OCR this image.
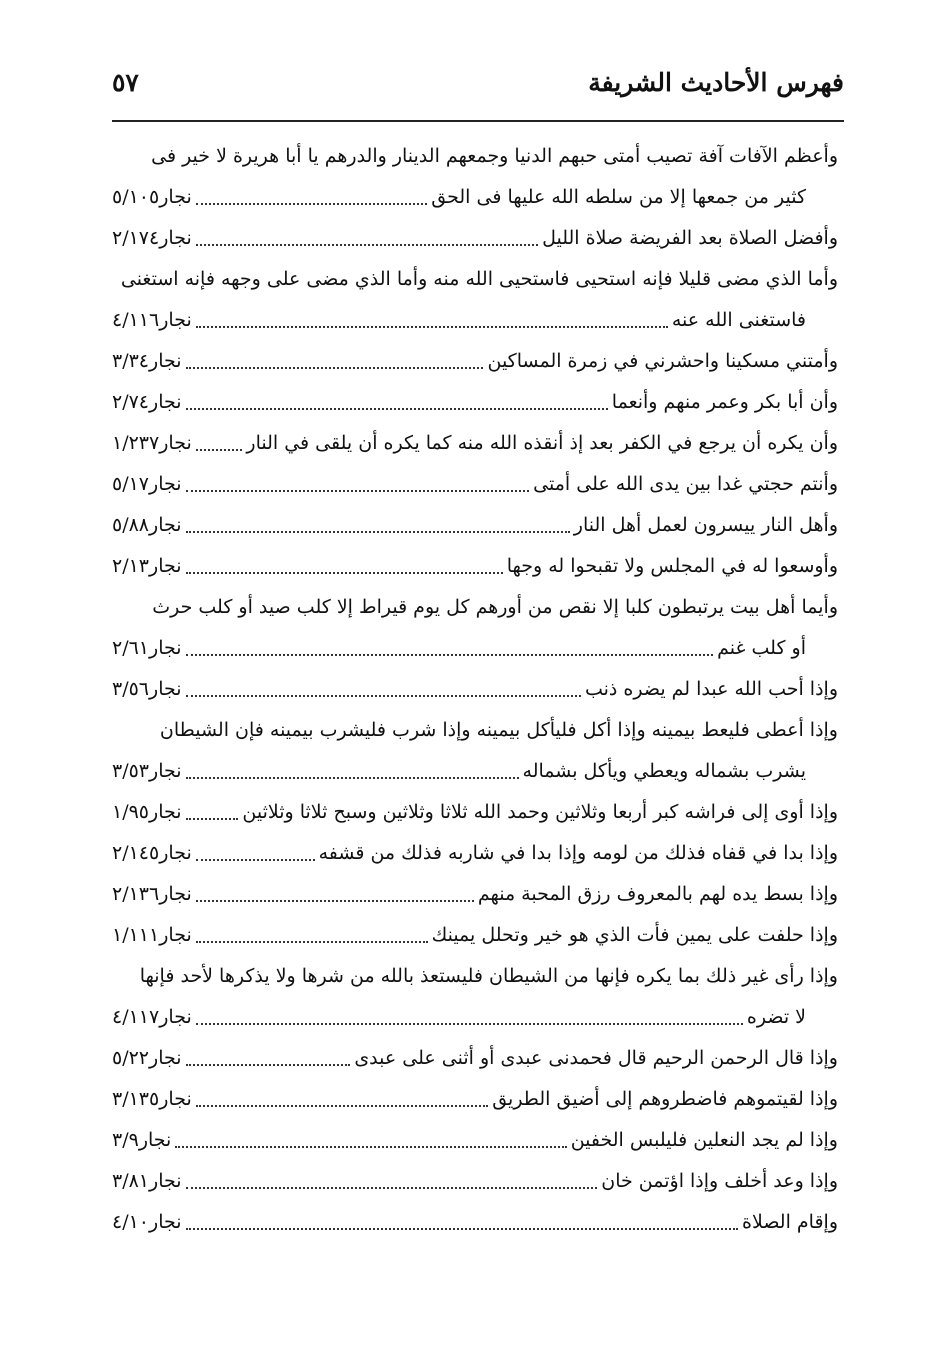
فهرس الأحاديث الشريفة
٥٧
وأعظم الآفات آفة تصيب أمتى حبهم الدنيا وجمعهم الدينار والدرهم يا أبا هريرة لا خير فى
كثير من جمعها إلا من سلطه الله عليها فى الحق
نجار٥/١٠٥
وأفضل الصلاة بعد الفريضة صلاة الليل
نجار٢/١٧٤
وأما الذي مضى قليلا فإنه استحيى فاستحيى الله منه وأما الذي مضى على وجهه فإنه استغنى
فاستغنى الله عنه
نجار٤/١١٦
وأمتني مسكينا واحشرني في زمرة المساكين
نجار٣/٣٤
وأن أبا بكر وعمر منهم وأنعما
نجار٢/٧٤
وأن يكره أن يرجع في الكفر بعد إذ أنقذه الله منه كما يكره أن يلقى في النار
نجار١/٢٣٧
وأنتم حجتي غدا بين يدى الله على أمتى
نجار٥/١٧
وأهل النار ييسرون لعمل أهل النار
نجار٥/٨٨
وأوسعوا له في المجلس ولا تقبحوا له وجها
نجار٢/١٣
وأيما أهل بيت يرتبطون كلبا إلا نقص من أورهم كل يوم قيراط إلا كلب صيد أو كلب حرث
أو كلب غنم
نجار٢/٦١
وإذا أحب الله عبدا لم يضره ذنب
نجار٣/٥٦
وإذا أعطى فليعط بيمينه وإذا أكل فليأكل بيمينه وإذا شرب فليشرب بيمينه فإن الشيطان
يشرب بشماله ويعطي ويأكل بشماله
نجار٣/٥٣
وإذا أوى إلى فراشه كبر أربعا وثلاثين وحمد الله ثلاثا وثلاثين وسبح ثلاثا وثلاثين
نجار١/٩٥
وإذا بدا في قفاه فذلك من لومه وإذا بدا في شاربه فذلك من قشفه
نجار٢/١٤٥
وإذا بسط يده لهم بالمعروف رزق المحبة منهم
نجار٢/١٣٦
وإذا حلفت على يمين فأت الذي هو خير وتحلل يمينك
نجار١/١١١
وإذا رأى غير ذلك بما يكره فإنها من الشيطان فليستعذ بالله من شرها ولا يذكرها لأحد فإنها
لا تضره
نجار٤/١١٧
وإذا قال الرحمن الرحيم قال فحمدنى عبدى أو أثنى على عبدى
نجار٥/٢٢
وإذا لقيتموهم فاضطروهم إلى أضيق الطريق
نجار٣/١٣٥
وإذا لم يجد النعلين فليلبس الخفين
نجار٣/٩
وإذا وعد أخلف وإذا اؤتمن خان
نجار٣/٨١
وإقام الصلاة
نجار٤/١٠
